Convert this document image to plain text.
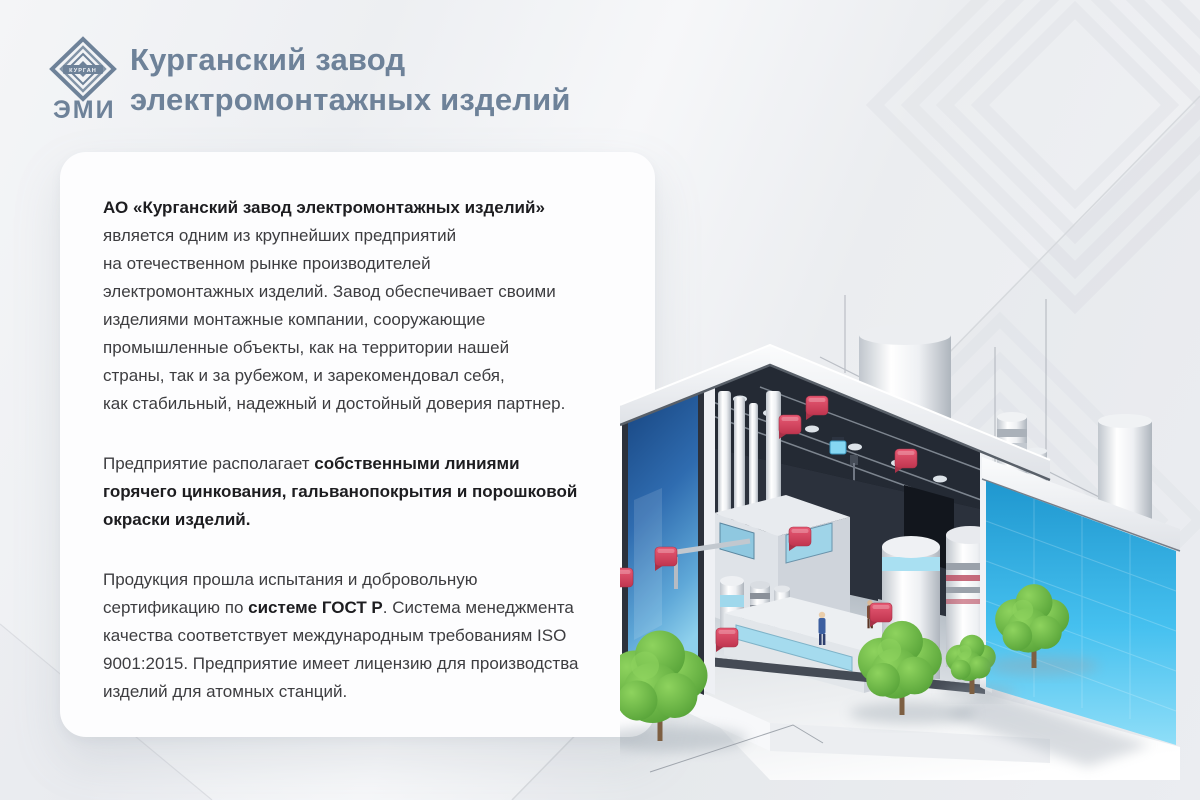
КУРГАН
ЭМИ
Курганский завод
электромонтажных изделий

АО «Курганский завод электромонтажных изделий»
является одним из крупнейших предприятий
на отечественном рынке производителей
электромонтажных изделий. Завод обеспечивает своими
изделиями монтажные компании, сооружающие
промышленные объекты, как на территории нашей
страны, так и за рубежом, и зарекомендовал себя,
как стабильный, надежный и достойный доверия партнер.

Предприятие располагает собственными линиями
горячего цинкования, гальванопокрытия и порошковой
окраски изделий.

Продукция прошла испытания и добровольную
сертификацию по системе ГОСТ Р. Система менеджмента
качества соответствует международным требованиям ISO
9001:2015. Предприятие имеет лицензию для производства
изделий для атомных станций.
